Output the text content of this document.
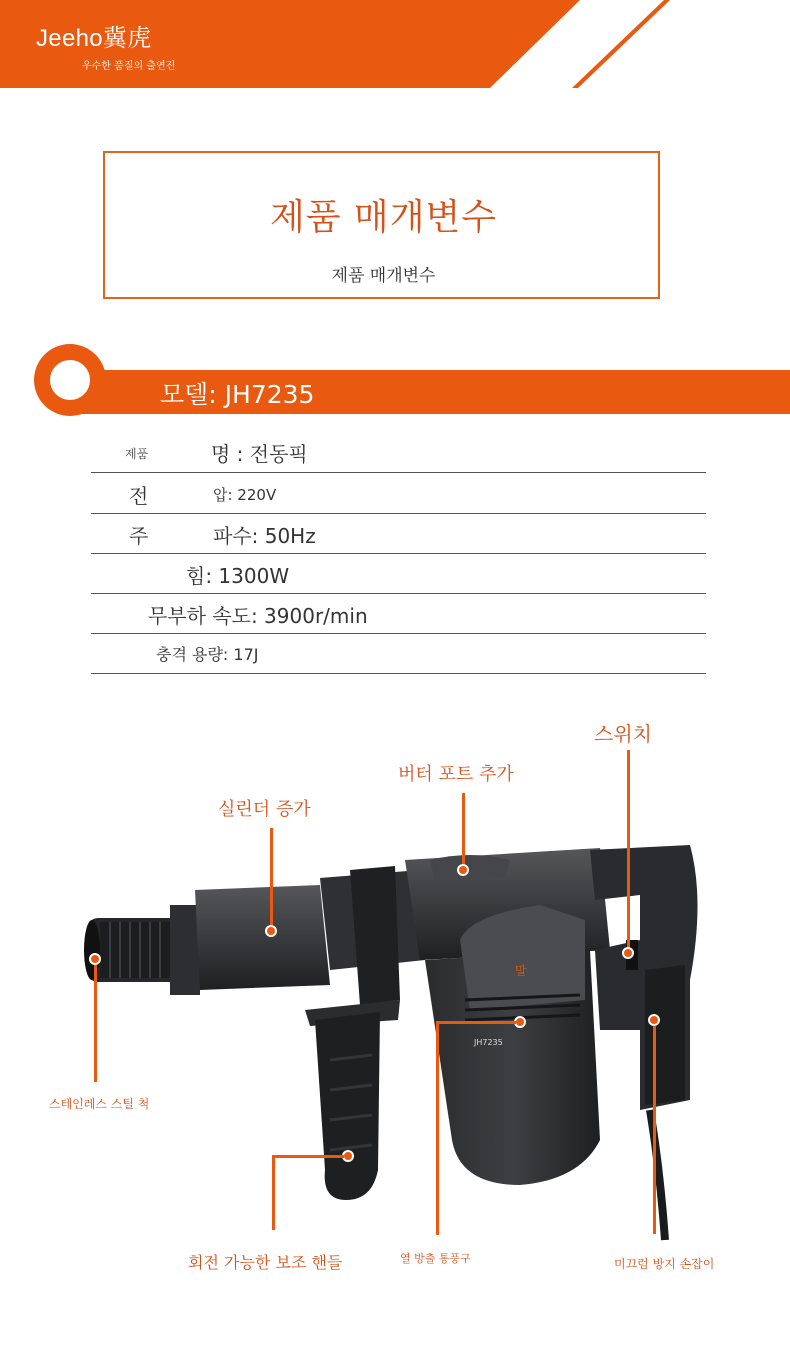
Jeeho冀虎
우수한 품질의 출연진
제품 매개변수
제품 매개변수
모델: JH7235
제품	명 : 전동픽
전	압: 220V
주	파수: 50Hz
힘: 1300W
무부하 속도: 3900r/min
충격 용량: 17J
말
JH7235
스위치
버터 포트 추가
실린더 증가
스테인레스 스틸 척
회전 가능한 보조 핸들	열 방출 통풍구	미끄럼 방지 손잡이
